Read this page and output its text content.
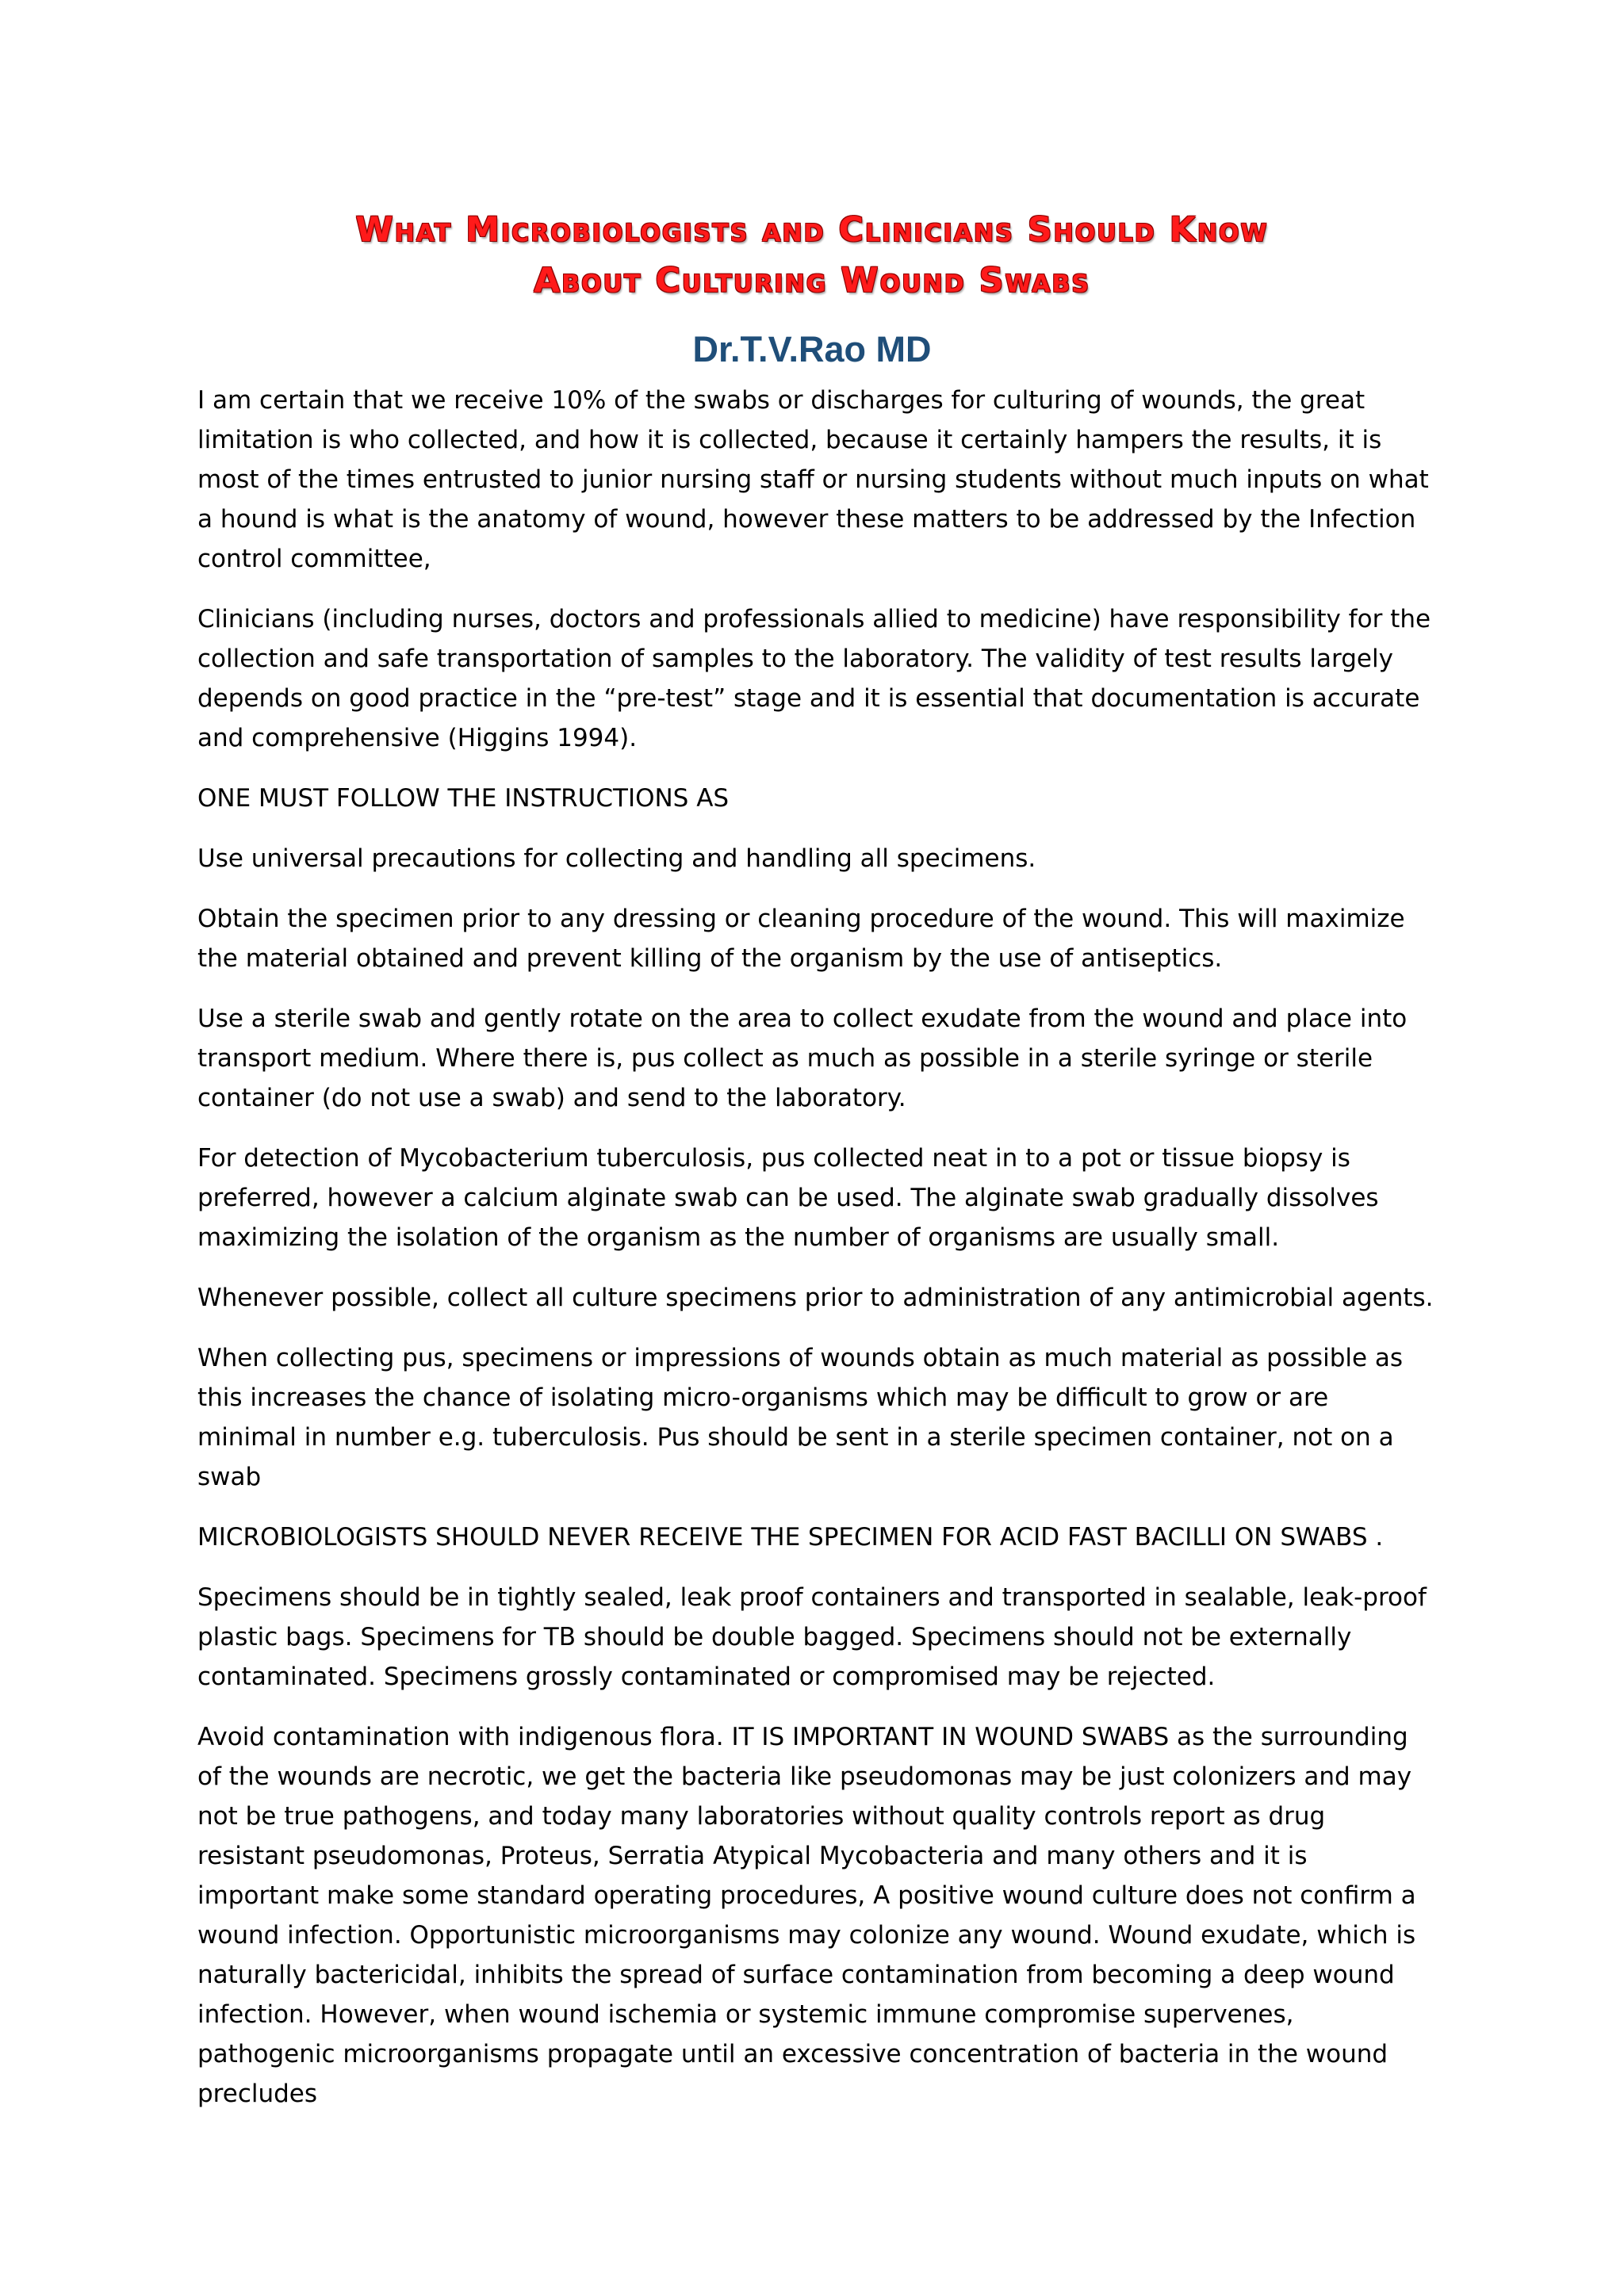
What Microbiologists and Clinicians Should Know
About Culturing Wound Swabs
Dr.T.V.Rao MD

I am certain that we receive 10% of the swabs or discharges for culturing of wounds, the great limitation is who collected, and how it is collected, because it certainly hampers the results, it is most of the times entrusted to junior nursing staff or nursing students without much inputs on what a hound is what is the anatomy of wound, however these matters to be addressed by the Infection control committee,

Clinicians (including nurses, doctors and professionals allied to medicine) have responsibility for the collection and safe transportation of samples to the laboratory. The validity of test results largely depends on good practice in the “pre-test” stage and it is essential that documentation is accurate and comprehensive (Higgins 1994).

ONE MUST FOLLOW THE INSTRUCTIONS AS

Use universal precautions for collecting and handling all specimens.

Obtain the specimen prior to any dressing or cleaning procedure of the wound. This will maximize the material obtained and prevent killing of the organism by the use of antiseptics.

Use a sterile swab and gently rotate on the area to collect exudate from the wound and place into transport medium. Where there is, pus collect as much as possible in a sterile syringe or sterile container (do not use a swab) and send to the laboratory.

For detection of Mycobacterium tuberculosis, pus collected neat in to a pot or tissue biopsy is preferred, however a calcium alginate swab can be used. The alginate swab gradually dissolves maximizing the isolation of the organism as the number of organisms are usually small.

Whenever possible, collect all culture specimens prior to administration of any antimicrobial agents.

When collecting pus, specimens or impressions of wounds obtain as much material as possible as this increases the chance of isolating micro-organisms which may be difficult to grow or are minimal in number e.g. tuberculosis. Pus should be sent in a sterile specimen container, not on a swab

MICROBIOLOGISTS SHOULD NEVER RECEIVE THE SPECIMEN FOR ACID FAST BACILLI ON SWABS .

Specimens should be in tightly sealed, leak proof containers and transported in sealable, leak-proof plastic bags. Specimens for TB should be double bagged. Specimens should not be externally contaminated. Specimens grossly contaminated or compromised may be rejected.

Avoid contamination with indigenous flora. IT IS IMPORTANT IN WOUND SWABS as the surrounding of the wounds are necrotic, we get the bacteria like pseudomonas may be just colonizers and may not be true pathogens, and today many laboratories without quality controls report as drug resistant pseudomonas, Proteus, Serratia Atypical Mycobacteria and many others and it is important make some standard operating procedures, A positive wound culture does not confirm a wound infection. Opportunistic microorganisms may colonize any wound. Wound exudate, which is naturally bactericidal, inhibits the spread of surface contamination from becoming a deep wound infection. However, when wound ischemia or systemic immune compromise supervenes, pathogenic microorganisms propagate until an excessive concentration of bacteria in the wound precludes
